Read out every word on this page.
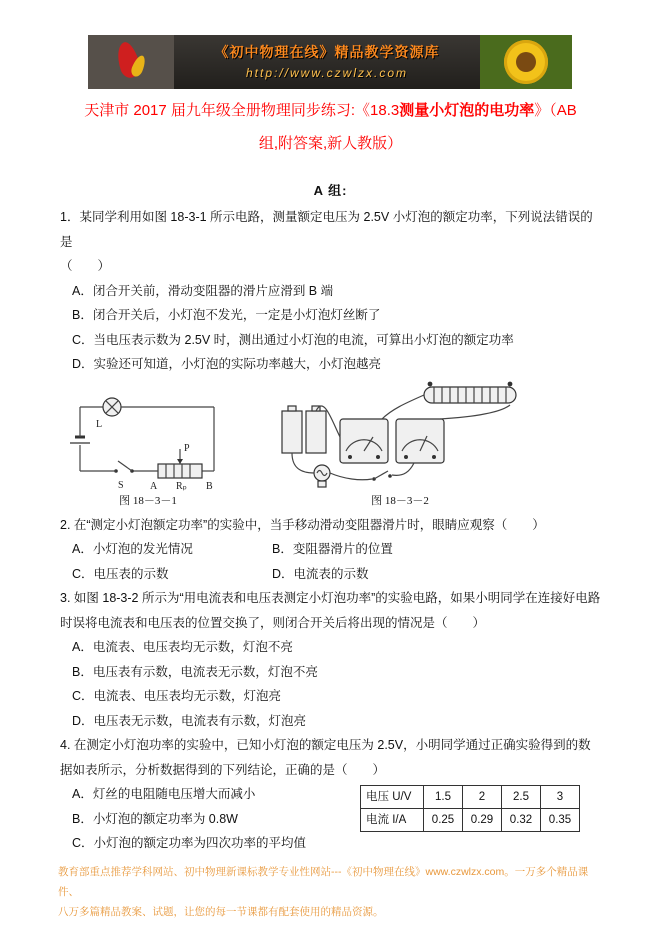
《初中物理在线》精品教学资源库
http://www.czwlzx.com
天津市 2017 届九年级全册物理同步练习:《18.3测量小灯泡的电功率》（AB
组,附答案,新人教版）
A 组:
1．某同学利用如图 18-3-1 所示电路，测量额定电压为 2.5V 小灯泡的额定功率，下列说法错误的是
（　　）
A．闭合开关前，滑动变阻器的滑片应滑到 B 端
B．闭合开关后，小灯泡不发光，一定是小灯泡灯丝断了
C．当电压表示数为 2.5V 时，测出通过小灯泡的电流，可算出小灯泡的额定功率
D．实验还可知道，小灯泡的实际功率越大，小灯泡越亮
L
P
S	A Rₚ B
图 18－3－1	图 18－3－2
2. 在“测定小灯泡额定功率”的实验中，当手移动滑动变阻器滑片时，眼睛应观察（　　）
A．小灯泡的发光情况	B．变阻器滑片的位置
C．电压表的示数	D．电流表的示数
3. 如图 18-3-2 所示为“用电流表和电压表测定小灯泡功率”的实验电路，如果小明同学在连接好电路时误将电流表和电压表的位置交换了，则闭合开关后将出现的情况是（　　）
A．电流表、电压表均无示数，灯泡不亮
B．电压表有示数，电流表无示数，灯泡不亮
C．电流表、电压表均无示数，灯泡亮
D．电压表无示数，电流表有示数，灯泡亮
4. 在测定小灯泡功率的实验中，已知小灯泡的额定电压为 2.5V，小明同学通过正确实验得到的数据如表所示，分析数据得到的下列结论，正确的是（　　）
A．灯丝的电阻随电压增大而减小
B．小灯泡的额定功率为 0.8W
C．小灯泡的额定功率为四次功率的平均值
电压 U/V	1.5	2	2.5	3
电流 I/A	0.25	0.29	0.32	0.35
教育部重点推荐学科网站、初中物理新课标教学专业性网站---《初中物理在线》www.czwlzx.com。一万多个精品课件、
八万多篇精品教案、试题，让您的每一节课都有配套使用的精品资源。
